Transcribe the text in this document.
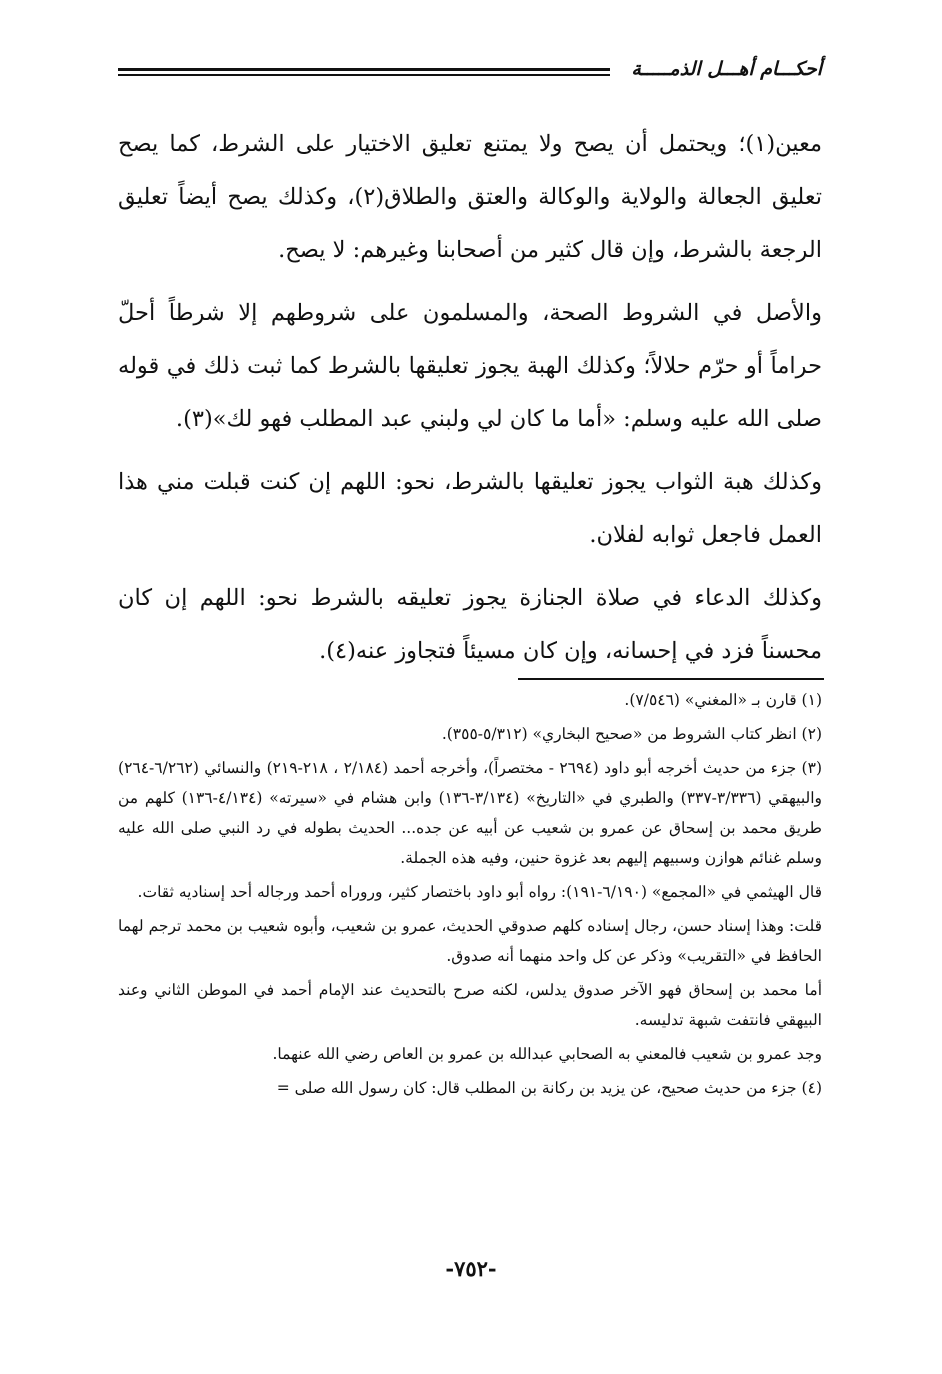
أحكـــام أهـــل الذمـــــة

معين(١)؛ ويحتمل أن يصح ولا يمتنع تعليق الاختيار على الشرط، كما يصح تعليق الجعالة والولاية والوكالة والعتق والطلاق(٢)، وكذلك يصح أيضاً تعليق الرجعة بالشرط، وإن قال كثير من أصحابنا وغيرهم: لا يصح.

والأصل في الشروط الصحة، والمسلمون على شروطهم إلا شرطاً أحلّ حراماً أو حرّم حلالاً؛ وكذلك الهبة يجوز تعليقها بالشرط كما ثبت ذلك في قوله صلى الله عليه وسلم: «أما ما كان لي ولبني عبد المطلب فهو لك»(٣).

وكذلك هبة الثواب يجوز تعليقها بالشرط، نحو: اللهم إن كنت قبلت مني هذا العمل فاجعل ثوابه لفلان.

وكذلك الدعاء في صلاة الجنازة يجوز تعليقه بالشرط نحو: اللهم إن كان محسناً فزد في إحسانه، وإن كان مسيئاً فتجاوز عنه(٤).

(١) قارن بـ «المغني» (٧/٥٤٦).

(٢) انظر كتاب الشروط من «صحيح البخاري» (٥/٣١٢-٣٥٥).

(٣) جزء من حديث أخرجه أبو داود (٢٦٩٤ - مختصراً)، وأخرجه أحمد (٢/١٨٤ ، ٢١٨-٢١٩) والنسائي (٦/٢٦٢-٢٦٤) والبيهقي (٣/٣٣٦-٣٣٧) والطبري في «التاريخ» (٣/١٣٤-١٣٦) وابن هشام في «سيرته» (٤/١٣٤-١٣٦) كلهم من طريق محمد بن إسحاق عن عمرو بن شعيب عن أبيه عن جده... الحديث بطوله في رد النبي صلى الله عليه وسلم غنائم هوازن وسبيهم إليهم بعد غزوة حنين، وفيه هذه الجملة.

قال الهيثمي في «المجمع» (٦/١٩٠-١٩١): رواه أبو داود باختصار كثير، وروراه أحمد ورجاله أحد إسناديه ثقات.

قلت: وهذا إسناد حسن، رجال إسناده كلهم صدوقي الحديث، عمرو بن شعيب، وأبوه شعيب بن محمد ترجم لهما الحافظ في «التقريب» وذكر عن كل واحد منهما أنه صدوق.

أما محمد بن إسحاق فهو الآخر صدوق يدلس، لكنه صرح بالتحديث عند الإمام أحمد في الموطن الثاني وعند البيهقي فانتفت شبهة تدليسه.

وجد عمرو بن شعيب فالمعني به الصحابي عبدالله بن عمرو بن العاص رضي الله عنهما.

(٤) جزء من حديث صحيح، عن يزيد بن ركانة بن المطلب قال: كان رسول الله صلى =

-٧٥٢-
